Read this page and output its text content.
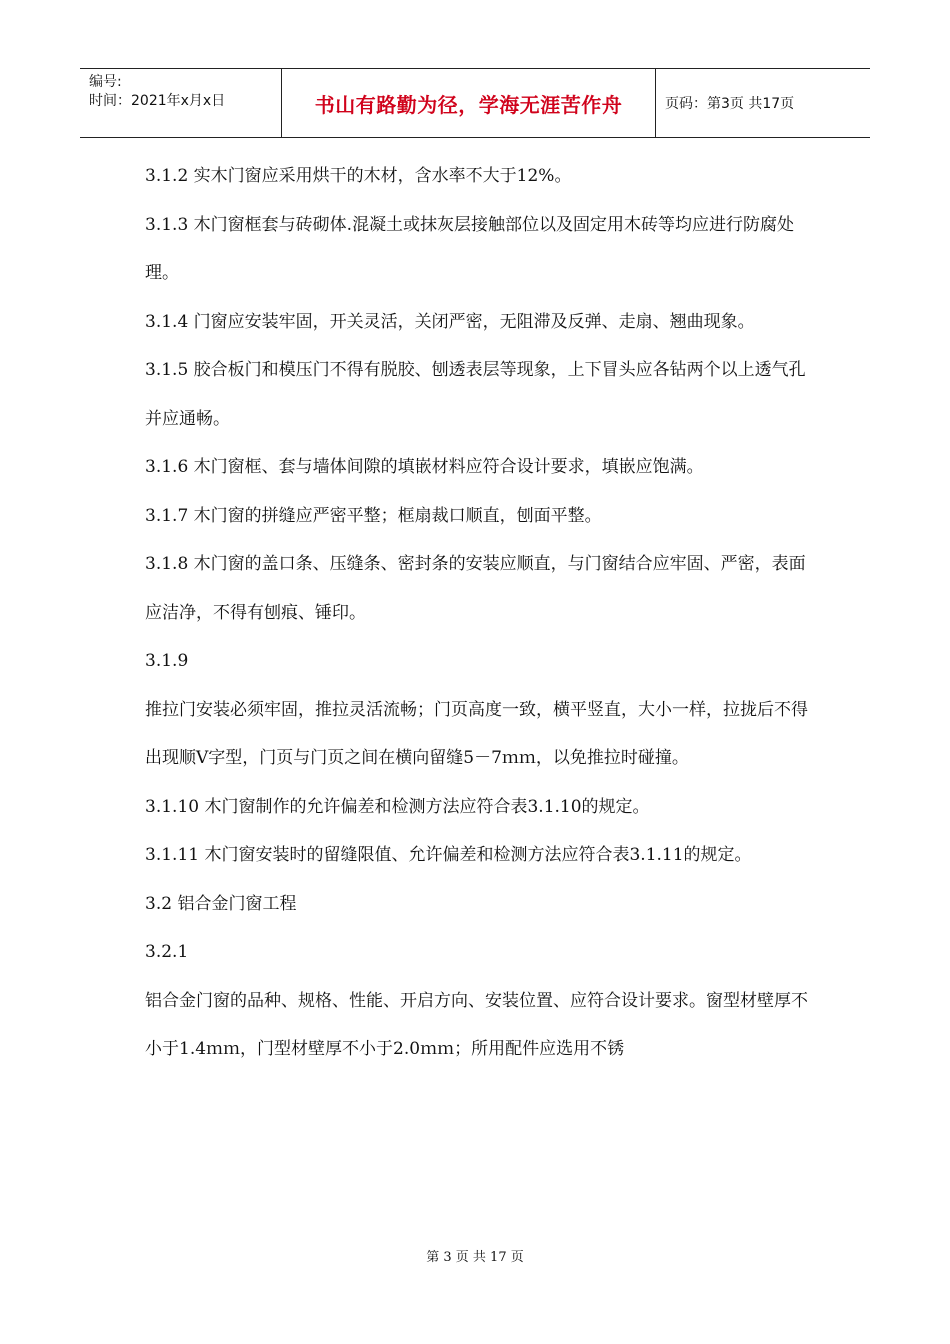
编号:
时间：2021年x月x日	书山有路勤为径，学海无涯苦作舟	页码：第3页 共17页

3.1.2 实木门窗应采用烘干的木材，含水率不大于12%。

3.1.3 木门窗框套与砖砌体.混凝土或抹灰层接触部位以及固定用木砖等均应进行防腐处理。

3.1.4 门窗应安装牢固，开关灵活，关闭严密，无阻滞及反弹、走扇、翘曲现象。

3.1.5 胶合板门和模压门不得有脱胶、刨透表层等现象，上下冒头应各钻两个以上透气孔并应通畅。

3.1.6 木门窗框、套与墙体间隙的填嵌材料应符合设计要求，填嵌应饱满。

3.1.7 木门窗的拼缝应严密平整；框扇裁口顺直，刨面平整。

3.1.8 木门窗的盖口条、压缝条、密封条的安装应顺直，与门窗结合应牢固、严密，表面应洁净，不得有刨痕、锤印。

3.1.9

推拉门安装必须牢固，推拉灵活流畅；门页高度一致，横平竖直，大小一样，拉拢后不得出现顺Ⅴ字型，门页与门页之间在横向留缝5－7ｍｍ，以免推拉时碰撞。

3.1.10 木门窗制作的允许偏差和检测方法应符合表3.1.10的规定。

3.1.11 木门窗安装时的留缝限值、允许偏差和检测方法应符合表3.1.11的规定。

3.2 铝合金门窗工程

3.2.1

铝合金门窗的品种、规格、性能、开启方向、安装位置、应符合设计要求。窗型材壁厚不小于1.4ｍｍ，门型材壁厚不小于2.0ｍｍ；所用配件应选用不锈

第 3 页 共 17 页
